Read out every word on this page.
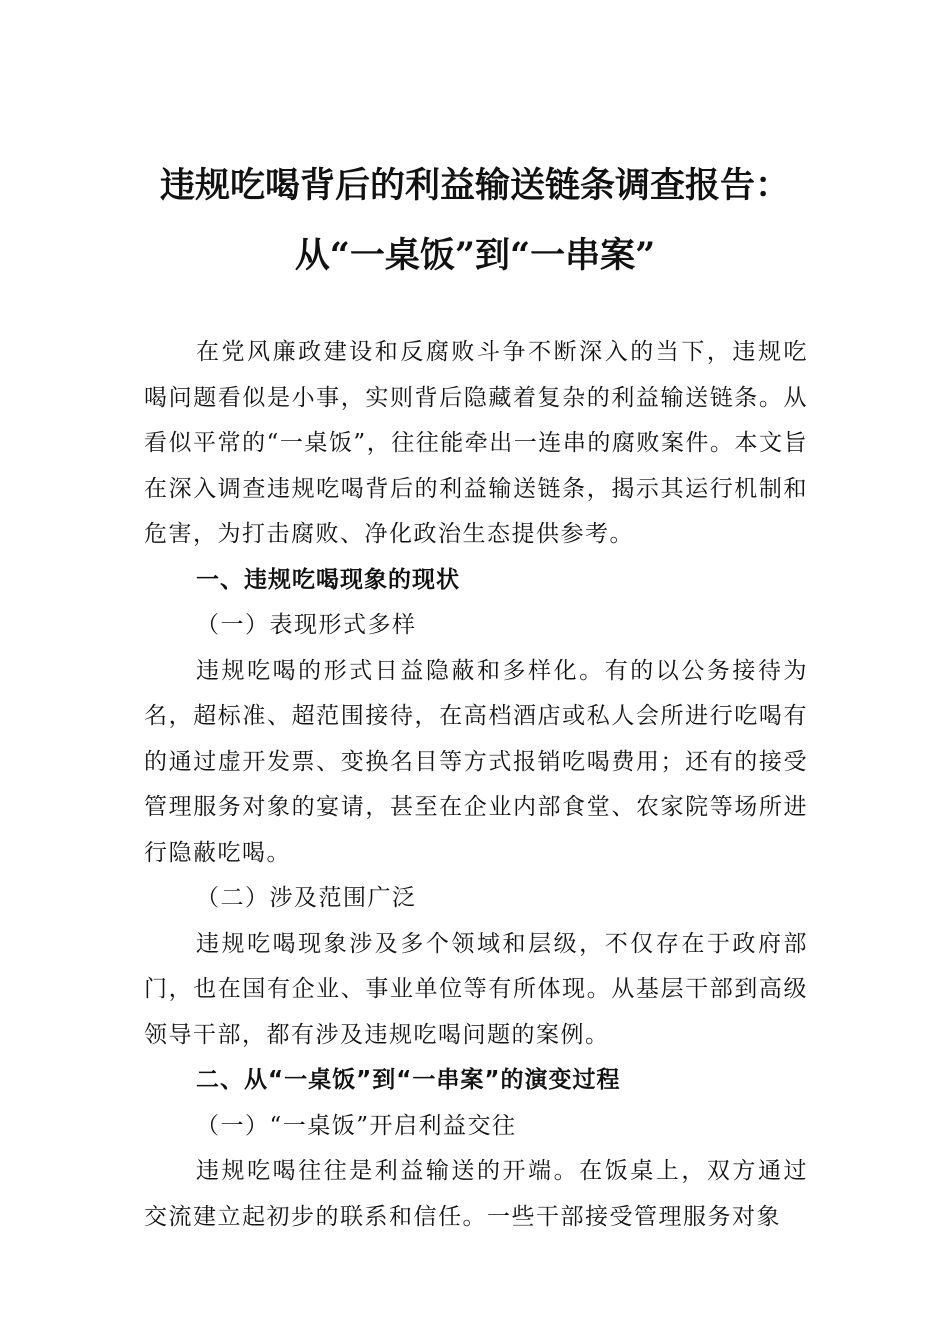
违规吃喝背后的利益输送链条调查报告：
从“一桌饭”到“一串案”

在党风廉政建设和反腐败斗争不断深入的当下，违规吃喝问题看似是小事，实则背后隐藏着复杂的利益输送链条。从看似平常的“一桌饭”，往往能牵出一连串的腐败案件。本文旨在深入调查违规吃喝背后的利益输送链条，揭示其运行机制和危害，为打击腐败、净化政治生态提供参考。

一、违规吃喝现象的现状

（一）表现形式多样

违规吃喝的形式日益隐蔽和多样化。有的以公务接待为名，超标准、超范围接待，在高档酒店或私人会所进行吃喝有的通过虚开发票、变换名目等方式报销吃喝费用；还有的接受管理服务对象的宴请，甚至在企业内部食堂、农家院等场所进行隐蔽吃喝。

（二）涉及范围广泛

违规吃喝现象涉及多个领域和层级，不仅存在于政府部门，也在国有企业、事业单位等有所体现。从基层干部到高级领导干部，都有涉及违规吃喝问题的案例。

二、从“一桌饭”到“一串案”的演变过程

（一）“一桌饭”开启利益交往

违规吃喝往往是利益输送的开端。在饭桌上，双方通过交流建立起初步的联系和信任。一些干部接受管理服务对象
